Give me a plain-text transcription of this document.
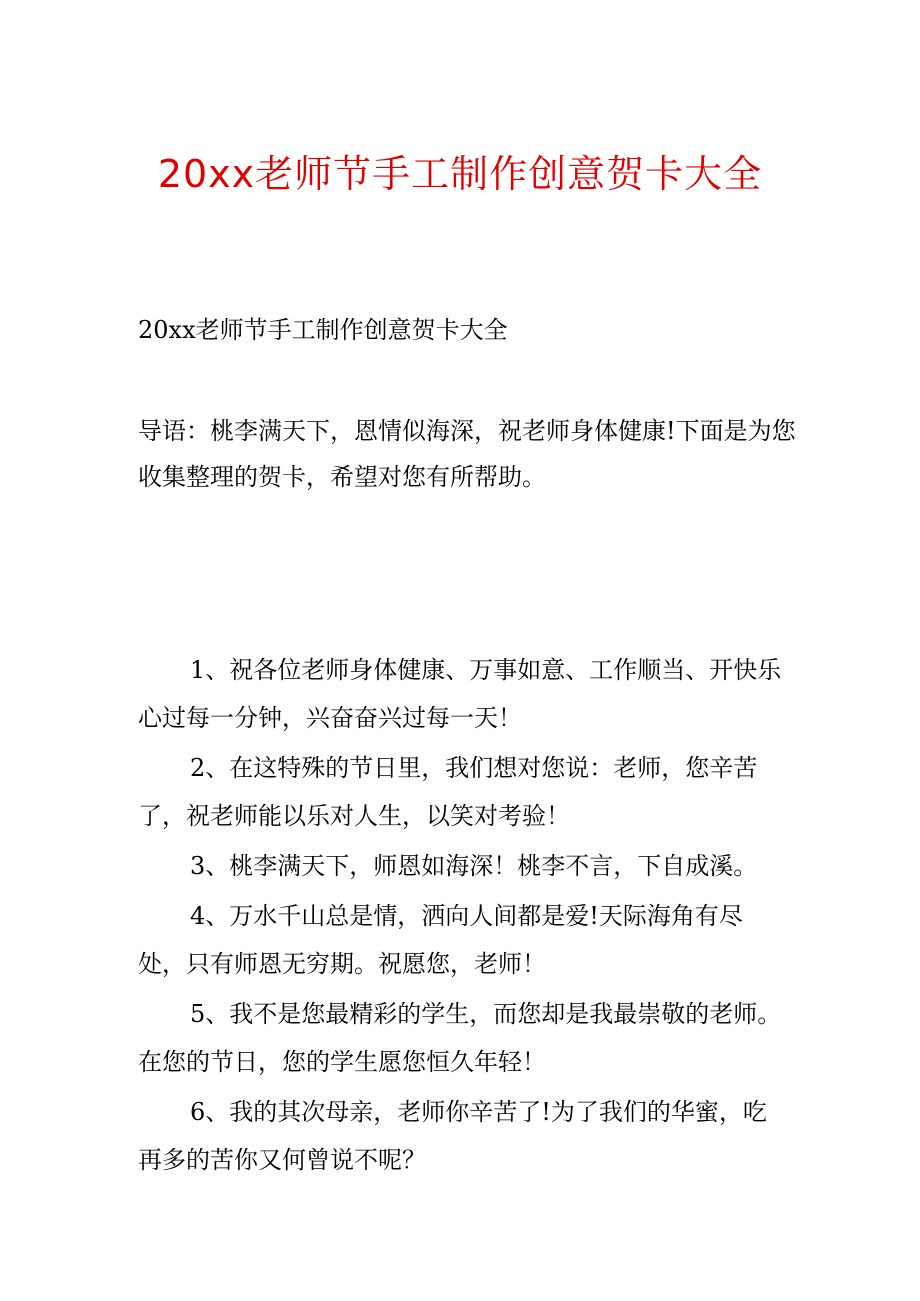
20xx老师节手工制作创意贺卡大全

20xx老师节手工制作创意贺卡大全

导语：桃李满天下，恩情似海深，祝老师身体健康!下面是为您收集整理的贺卡，希望对您有所帮助。

1、祝各位老师身体健康、万事如意、工作顺当、开快乐心过每一分钟，兴奋奋兴过每一天！

2、在这特殊的节日里，我们想对您说：老师，您辛苦了，祝老师能以乐对人生，以笑对考验！

3、桃李满天下，师恩如海深！桃李不言，下自成溪。

4、万水千山总是情，洒向人间都是爱!天际海角有尽处，只有师恩无穷期。祝愿您，老师！

5、我不是您最精彩的学生，而您却是我最崇敬的老师。在您的节日，您的学生愿您恒久年轻！

6、我的其次母亲，老师你辛苦了!为了我们的华蜜，吃再多的苦你又何曾说不呢？
